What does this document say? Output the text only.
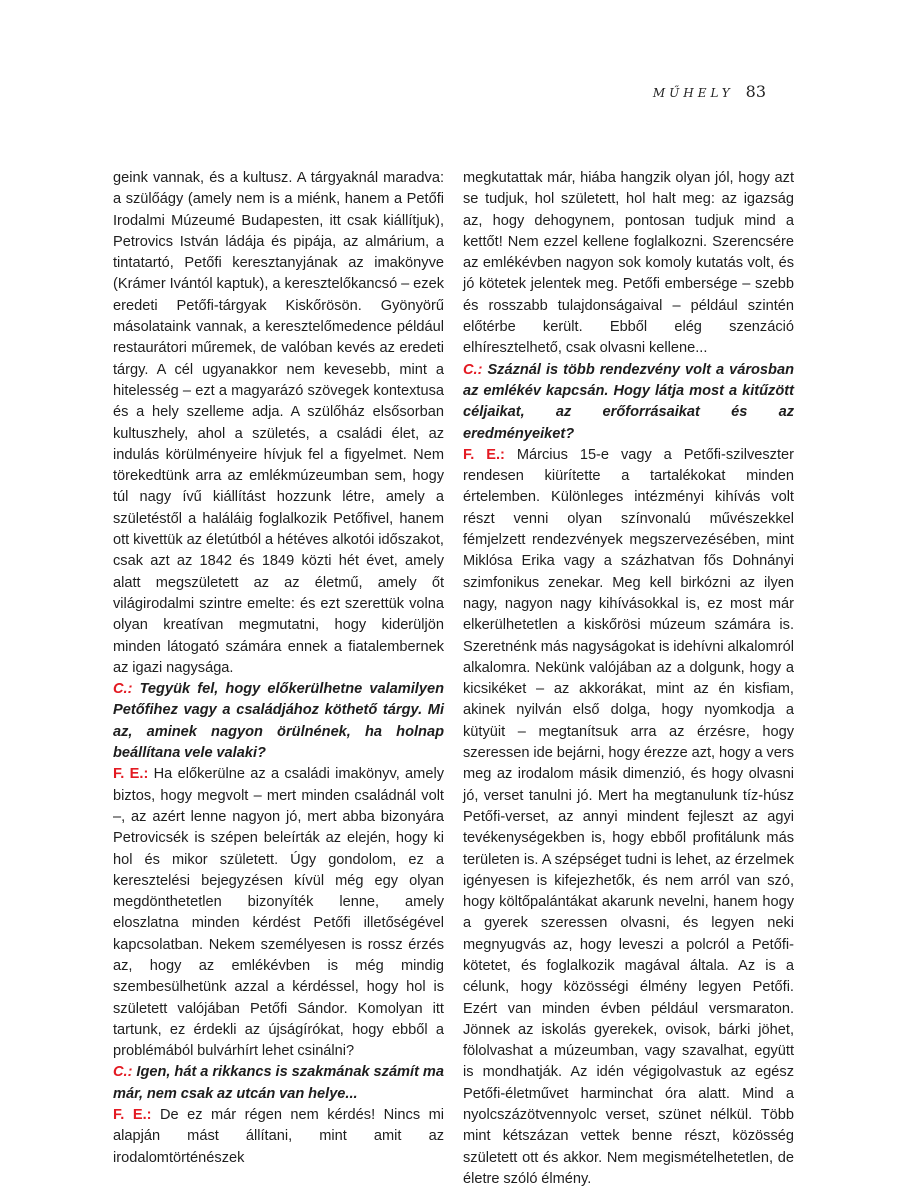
MŰHELY 83

geink vannak, és a kultusz. A tárgyaknál maradva: a szülőágy (amely nem is a miénk, hanem a Petőfi Irodalmi Múzeumé Budapesten, itt csak kiállítjuk), Petrovics István ládája és pipája, az almárium, a tintatartó, Petőfi keresztanyjának az imakönyve (Krámer Ivántól kaptuk), a keresztelőkancsó – ezek eredeti Petőfi-tárgyak Kiskőrösön. Gyönyörű másolataink vannak, a keresztelőmedence például restaurátori műremek, de valóban kevés az eredeti tárgy. A cél ugyanakkor nem kevesebb, mint a hitelesség – ezt a magyarázó szövegek kontextusa és a hely szelleme adja. A szülőház elsősorban kultuszhely, ahol a születés, a családi élet, az indulás körülményeire hívjuk fel a figyelmet. Nem törekedtünk arra az emlékmúzeumban sem, hogy túl nagy ívű kiállítást hozzunk létre, amely a születéstől a haláláig foglalkozik Petőfivel, hanem ott kivettük az életútból a hétéves alkotói időszakot, csak azt az 1842 és 1849 közti hét évet, amely alatt megszületett az az életmű, amely őt világirodalmi szintre emelte: és ezt szerettük volna olyan kreatívan megmutatni, hogy kiderüljön minden látogató számára ennek a fiatalembernek az igazi nagysága.

C.: Tegyük fel, hogy előkerülhetne valamilyen Petőfihez vagy a családjához köthető tárgy. Mi az, aminek nagyon örülnének, ha holnap beállítana vele valaki?

F. E.: Ha előkerülne az a családi imakönyv, amely biztos, hogy megvolt – mert minden családnál volt –, az azért lenne nagyon jó, mert abba bizonyára Petrovicsék is szépen beleírták az elején, hogy ki hol és mikor született. Úgy gondolom, ez a keresztelési bejegyzésen kívül még egy olyan megdönthetetlen bizonyíték lenne, amely eloszlatna minden kérdést Petőfi illetőségével kapcsolatban. Nekem személyesen is rossz érzés az, hogy az emlékévben is még mindig szembesülhetünk azzal a kérdéssel, hogy hol is született valójában Petőfi Sándor. Komolyan itt tartunk, ez érdekli az újságírókat, hogy ebből a problémából bulvárhírt lehet csinálni?

C.: Igen, hát a rikkancs is szakmának számít ma már, nem csak az utcán van helye...

F. E.: De ez már régen nem kérdés! Nincs mi alapján mást állítani, mint amit az irodalomtörténészek

megkutattak már, hiába hangzik olyan jól, hogy azt se tudjuk, hol született, hol halt meg: az igazság az, hogy dehogynem, pontosan tudjuk mind a kettőt! Nem ezzel kellene foglalkozni. Szerencsére az emlékévben nagyon sok komoly kutatás volt, és jó kötetek jelentek meg. Petőfi embersége – szebb és rosszabb tulajdonságaival – például szintén előtérbe került. Ebből elég szenzáció elhíresztelhető, csak olvasni kellene...

C.: Száznál is több rendezvény volt a városban az emlékév kapcsán. Hogy látja most a kitűzött céljaikat, az erőforrásaikat és az eredményeiket?

F. E.: Március 15-e vagy a Petőfi-szilveszter rendesen kiürítette a tartalékokat minden értelemben. Különleges intézményi kihívás volt részt venni olyan színvonalú művészekkel fémjelzett rendezvények megszervezésében, mint Miklósa Erika vagy a százhatvan fős Dohnányi szimfonikus zenekar. Meg kell birkózni az ilyen nagy, nagyon nagy kihívásokkal is, ez most már elkerülhetetlen a kiskőrösi múzeum számára is. Szeretnénk más nagyságokat is idehívni alkalomról alkalomra. Nekünk valójában az a dolgunk, hogy a kicsikéket – az akkorákat, mint az én kisfiam, akinek nyilván első dolga, hogy nyomkodja a kütyüit – megtanítsuk arra az érzésre, hogy szeressen ide bejárni, hogy érezze azt, hogy a vers meg az irodalom másik dimenzió, és hogy olvasni jó, verset tanulni jó. Mert ha megtanulunk tíz-húsz Petőfi-verset, az annyi mindent fejleszt az agyi tevékenységekben is, hogy ebből profitálunk más területen is. A szépséget tudni is lehet, az érzelmek igényesen is kifejezhetők, és nem arról van szó, hogy költőpalántákat akarunk nevelni, hanem hogy a gyerek szeressen olvasni, és legyen neki megnyugvás az, hogy leveszi a polcról a Petőfi-kötetet, és foglalkozik magával általa. Az is a célunk, hogy közösségi élmény legyen Petőfi. Ezért van minden évben például versmaraton. Jönnek az iskolás gyerekek, ovisok, bárki jöhet, fölolvashat a múzeumban, vagy szavalhat, együtt is mondhatják. Az idén végigolvastuk az egész Petőfi-életművet harminchat óra alatt. Mind a nyolcszázötvennyolc verset, szünet nélkül. Több mint kétszázan vettek benne részt, közösség született ott és akkor. Nem megismételhetetlen, de életre szóló élmény.
